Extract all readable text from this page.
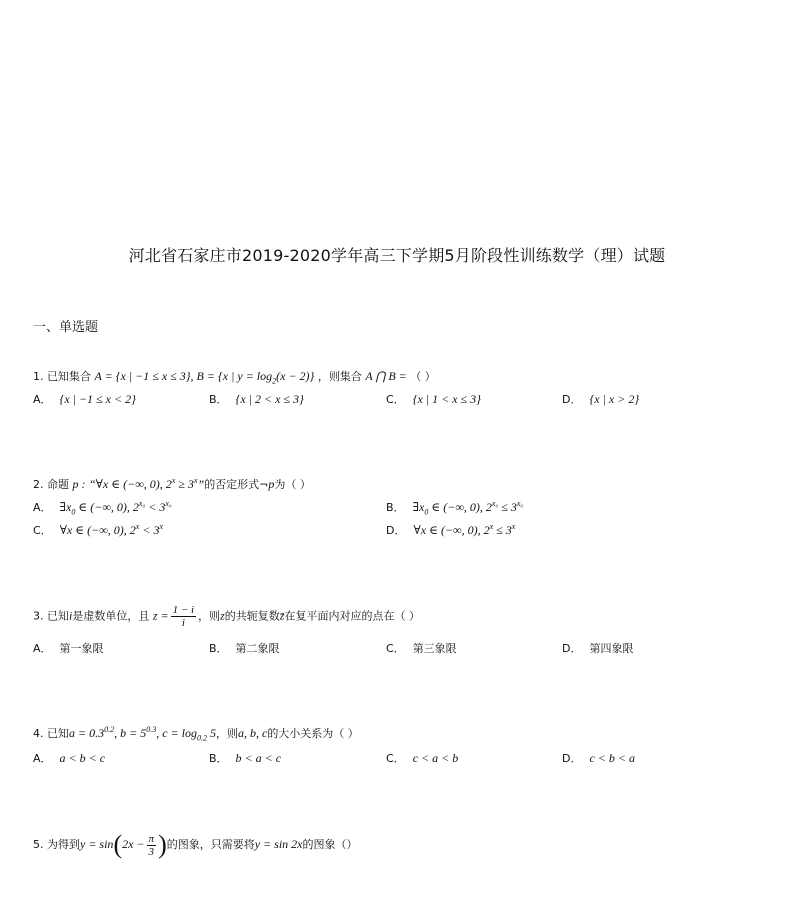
河北省石家庄市2019-2020学年高三下学期5月阶段性训练数学（理）试题
一、单选题
1. 已知集合 A = {x | −1 ≤ x ≤ 3}, B = {x | $y = \log_2(x - 2)$} ，则集合 A ⋂ B = （ ）
A． {x | −1 ≤ x < 2}	B． {x | 2 < x ≤ 3}	C． {x | 1 < x ≤ 3}	D． {x | x > 2}
2. 命题 p : “∀x ∈ (−∞, 0), $2^x \ge 3^x$”的否定形式¬p为（ ）
A． $\exists x_0$ ∈ (−∞, 0), $2^{x_0} < 3^{x_0}$	B． $\exists x_0$ ∈ (−∞, 0), $2^{x_0} \le 3^{x_0}$
C． ∀x ∈ (−∞, 0), $2^x < 3^x$	D． ∀x ∈ (−∞, 0), $2^x \le 3^x$
3. 已知i是虚数单位，且 $z = \frac{1 - i}{i}$ ，则z的共轭复数z̄在复平面内对应的点在（ ）
A． 第一象限	B． 第二象限	C． 第三象限	D． 第四象限
4. 已知$a = 0.3^{0.2}$, $b = 5^{0.3}$, $c = \log_{0.2} 5$，则a, b, c的大小关系为（ ）
A． a < b < c	B． b < a < c	C． c < a < b	D． c < b < a
5. 为得到$y = \sin(2x - \frac{\pi}{3}$ )的图象，只需要将y = sin 2x的图象（）
